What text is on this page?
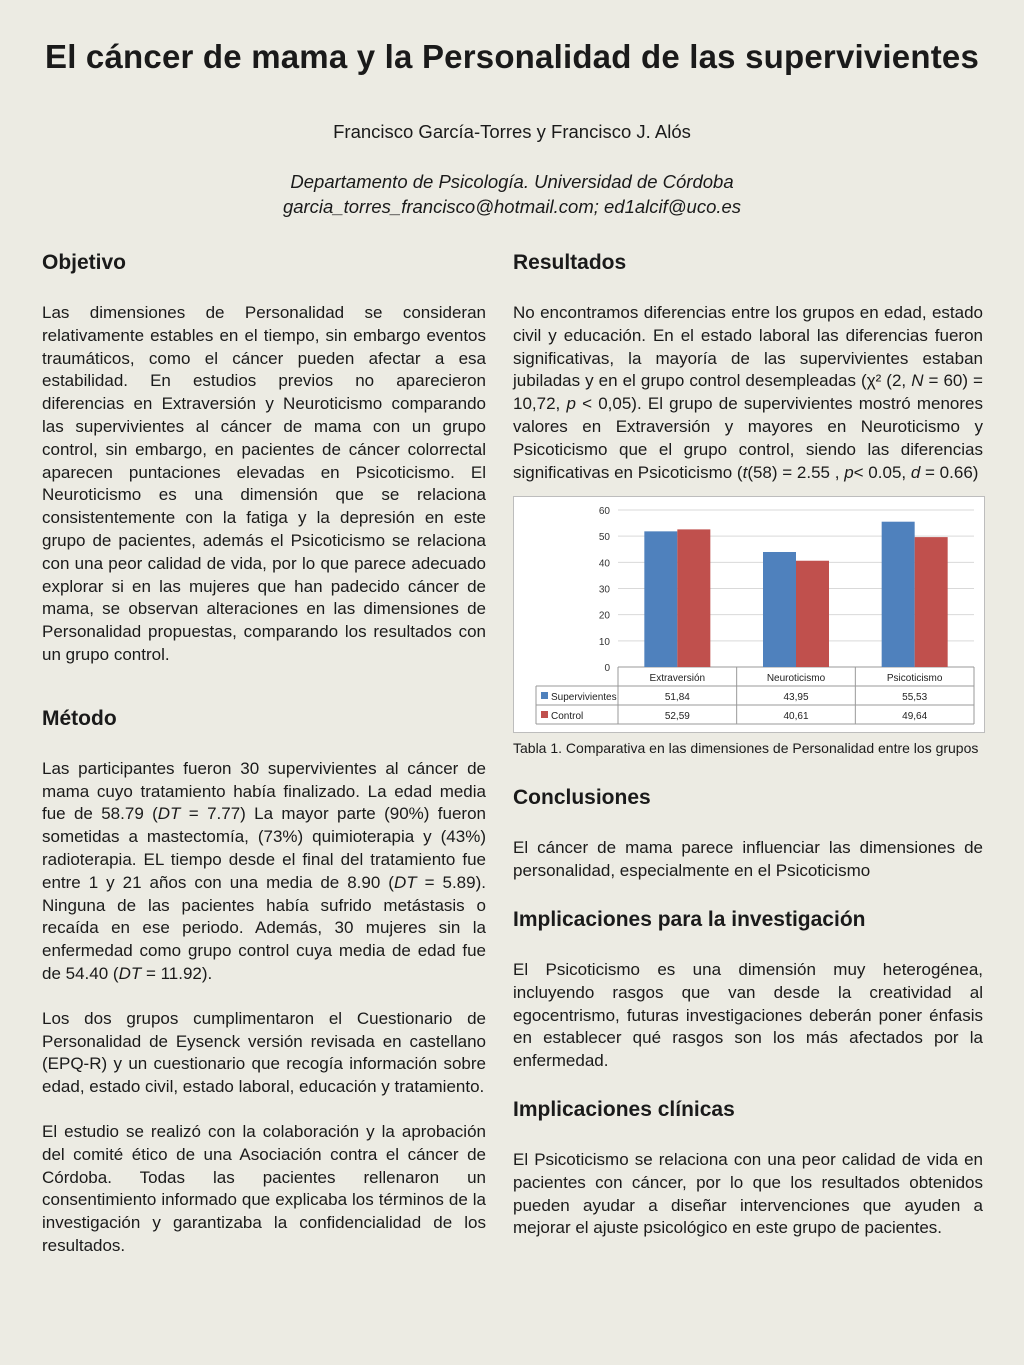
El cáncer de mama y la Personalidad de las supervivientes
Francisco García-Torres y Francisco J. Alós
Departamento de Psicología. Universidad de Córdoba
garcia_torres_francisco@hotmail.com; ed1alcif@uco.es
Objetivo

Las dimensiones de Personalidad se consideran relativamente estables en el tiempo, sin embargo eventos traumáticos, como el cáncer pueden afectar a esa estabilidad. En estudios previos no aparecieron diferencias en Extraversión y Neuroticismo comparando las supervivientes al cáncer de mama con un grupo control, sin embargo, en pacientes de cáncer colorrectal aparecen puntaciones elevadas en Psicoticismo. El Neuroticismo es una dimensión que se relaciona consistentemente con la fatiga y la depresión en este grupo de pacientes, además el Psicoticismo se relaciona con una peor calidad de vida, por lo que parece adecuado explorar si en las mujeres que han padecido cáncer de mama, se observan alteraciones en las dimensiones de Personalidad propuestas, comparando los resultados con un grupo control.

Método

Las participantes fueron 30 supervivientes al cáncer de mama cuyo tratamiento había finalizado. La edad media fue de 58.79 (DT = 7.77) La mayor parte (90%) fueron sometidas a mastectomía, (73%) quimioterapia y (43%) radioterapia. EL tiempo desde el final del tratamiento fue entre 1 y 21 años con una media de 8.90 (DT = 5.89). Ninguna de las pacientes había sufrido metástasis o recaída en ese periodo. Además, 30 mujeres sin la enfermedad como grupo control cuya media de edad fue de 54.40 (DT = 11.92).

Los dos grupos cumplimentaron el Cuestionario de Personalidad de Eysenck versión revisada en castellano (EPQ-R) y un cuestionario que recogía información sobre edad, estado civil, estado laboral, educación y tratamiento.

El estudio se realizó con la colaboración y la aprobación del comité ético de una Asociación contra el cáncer de Córdoba. Todas las pacientes rellenaron un consentimiento informado que explicaba los términos de la investigación y garantizaba la confidencialidad de los resultados.

Resultados

No encontramos diferencias entre los grupos en edad, estado civil y educación. En el estado laboral las diferencias fueron significativas, la mayoría de las supervivientes estaban jubiladas y en el grupo control desempleadas (χ² (2, N = 60) = 10,72, p < 0,05). El grupo de supervivientes mostró menores valores en Extraversión y mayores en Neuroticismo y Psicoticismo que el grupo control, siendo las diferencias significativas en Psicoticismo (t(58) = 2.55 , p< 0.05, d = 0.66)

0
10
20
30
40
50
60
Extraversión
51,84
52,59
Neuroticismo
43,95
40,61
Psicoticismo
55,53
49,64
Supervivientes
Control
Tabla 1. Comparativa en las dimensiones de Personalidad entre los grupos
Conclusiones

El cáncer de mama parece influenciar las dimensiones de personalidad, especialmente en el Psicoticismo

Implicaciones para la investigación

El Psicoticismo es una dimensión muy heterogénea, incluyendo rasgos que van desde la creatividad al egocentrismo, futuras investigaciones deberán poner énfasis en establecer qué rasgos son los más afectados por la enfermedad.

Implicaciones clínicas

El Psicoticismo se relaciona con una peor calidad de vida en pacientes con cáncer, por lo que los resultados obtenidos pueden ayudar a diseñar intervenciones que ayuden a mejorar el ajuste psicológico en este grupo de pacientes.
